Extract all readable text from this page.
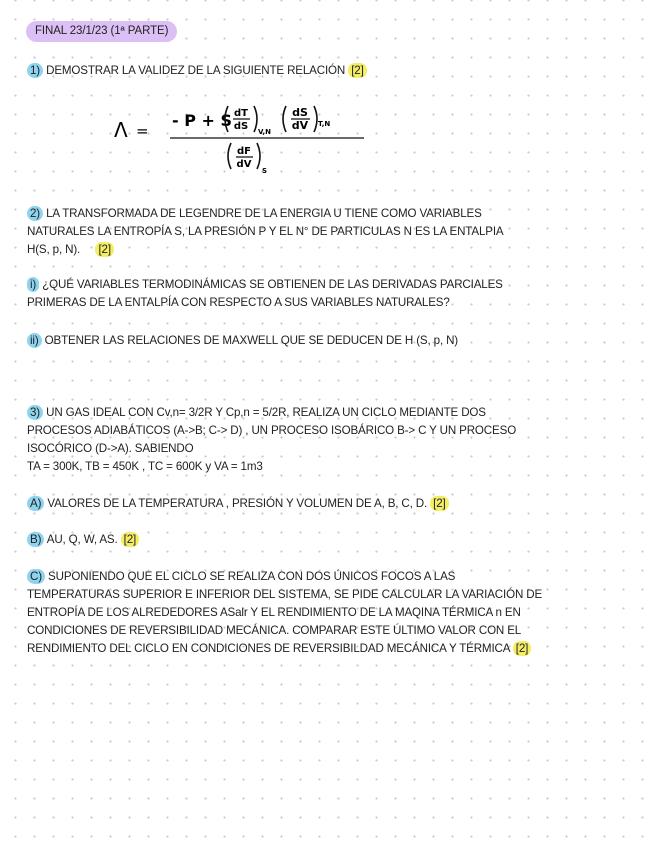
FINAL 23/1/23 (1ª PARTE)
1) DEMOSTRAR LA VALIDEZ DE LA SIGUIENTE RELACIÓN [2]
Λ =
- P + S dT
dS V,N
dS
dV T,N
dF
dV
S
2) LA TRANSFORMADA DE LEGENDRE DE LA ENERGIA U TIENE COMO VARIABLES
NATURALES LA ENTROPÍA S, LA PRESIÓN P Y EL N° DE PARTICULAS N ES LA ENTALPIA
H(S, p, N). [2]
i) ¿QUÉ VARIABLES TERMODINÁMICAS SE OBTIENEN DE LAS DERIVADAS PARCIALES
PRIMERAS DE LA ENTALPÍA CON RESPECTO A SUS VARIABLES NATURALES?
ii) OBTENER LAS RELACIONES DE MAXWELL QUE SE DEDUCEN DE H (S, p, N)
3) UN GAS IDEAL CON Cv,n= 3/2R Y Cp,n = 5/2R, REALIZA UN CICLO MEDIANTE DOS
PROCESOS ADIABÁTICOS (A->B; C-> D) , UN PROCESO ISOBÁRICO B-> C Y UN PROCESO
ISOCÓRICO (D->A). SABIENDO
TA = 300K, TB = 450K , TC = 600K y VA = 1m3
A) VALORES DE LA TEMPERATURA , PRESIÓN Y VOLUMEN DE A, B, C, D. [2]
B) AU, Q, W, AS. [2]
C) SUPONIENDO QUE EL CICLO SE REALIZA CON DOS ÚNICOS FOCOS A LAS
TEMPERATURAS SUPERIOR E INFERIOR DEL SISTEMA, SE PIDE CALCULAR LA VARIACIÓN DE
ENTROPÍA DE LOS ALREDEDORES ASalr Y EL RENDIMIENTO DE LA MAQINA TÉRMICA n EN
CONDICIONES DE REVERSIBILIDAD MECÁNICA. COMPARAR ESTE ÚLTIMO VALOR CON EL
RENDIMIENTO DEL CICLO EN CONDICIONES DE REVERSIBILDAD MECÁNICA Y TÉRMICA [2]
